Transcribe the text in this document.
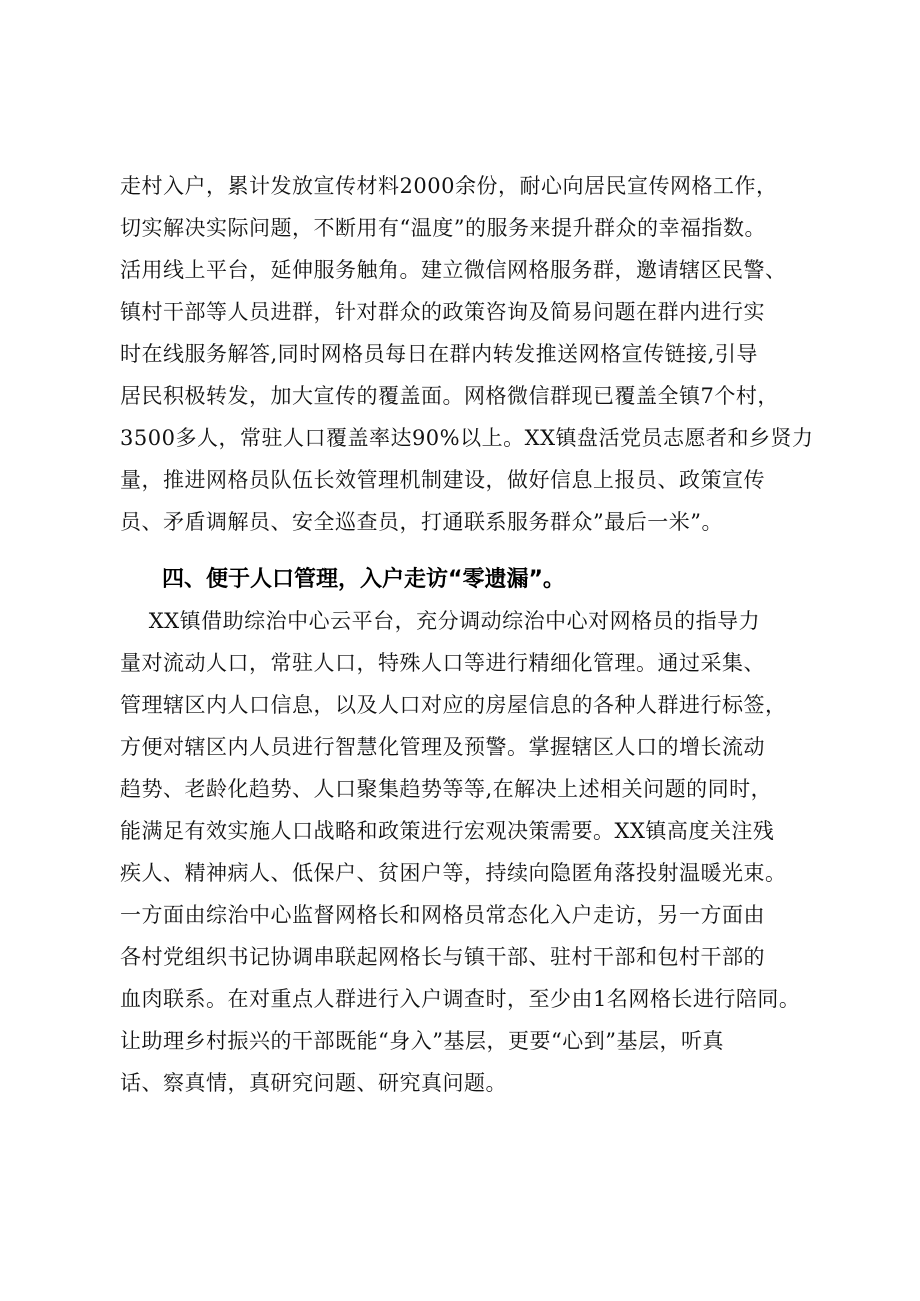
走村入户，累计发放宣传材料2000余份，耐心向居民宣传网格工作，
切实解决实际问题，不断用有“温度”的服务来提升群众的幸福指数。
活用线上平台，延伸服务触角。建立微信网格服务群，邀请辖区民警、
镇村干部等人员进群，针对群众的政策咨询及简易问题在群内进行实
时在线服务解答,同时网格员每日在群内转发推送网格宣传链接,引导
居民积极转发，加大宣传的覆盖面。网格微信群现已覆盖全镇7个村，
3500多人，常驻人口覆盖率达90%以上。XX镇盘活党员志愿者和乡贤力
量，推进网格员队伍长效管理机制建设，做好信息上报员、政策宣传
员、矛盾调解员、安全巡查员，打通联系服务群众”最后一米”。
四、便于人口管理，入户走访“零遗漏”。
XX镇借助综治中心云平台，充分调动综治中心对网格员的指导力
量对流动人口，常驻人口，特殊人口等进行精细化管理。通过采集、
管理辖区内人口信息，以及人口对应的房屋信息的各种人群进行标签，
方便对辖区内人员进行智慧化管理及预警。掌握辖区人口的增长流动
趋势、老龄化趋势、人口聚集趋势等等,在解决上述相关问题的同时，
能满足有效实施人口战略和政策进行宏观决策需要。XX镇高度关注残
疾人、精神病人、低保户、贫困户等，持续向隐匿角落投射温暖光束。
一方面由综治中心监督网格长和网格员常态化入户走访，另一方面由
各村党组织书记协调串联起网格长与镇干部、驻村干部和包村干部的
血肉联系。在对重点人群进行入户调查时，至少由1名网格长进行陪同。
让助理乡村振兴的干部既能“身入”基层，更要“心到”基层，听真
话、察真情，真研究问题、研究真问题。
